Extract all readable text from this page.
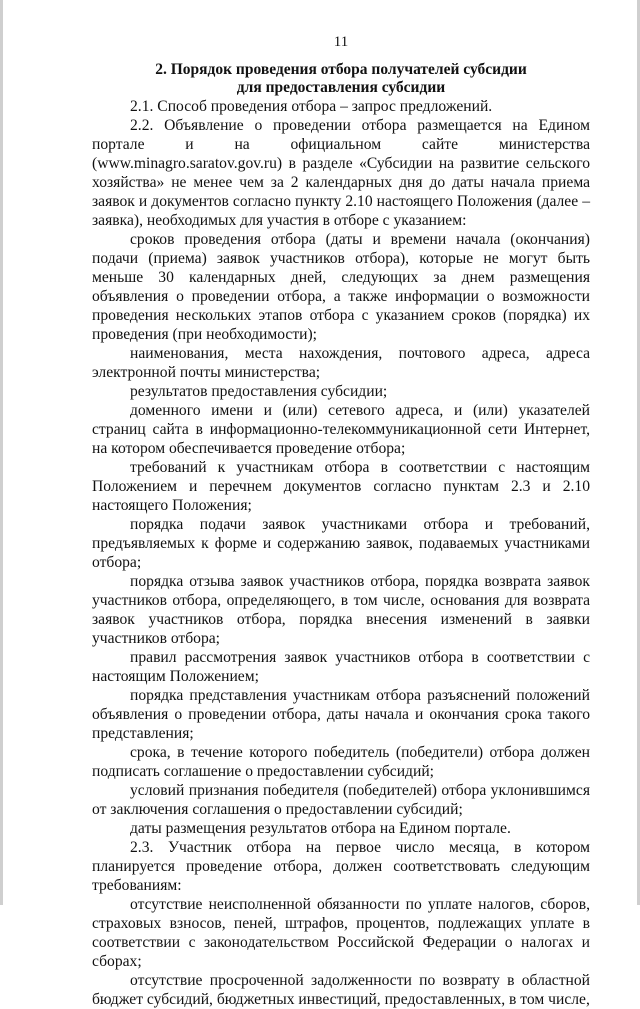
11

2. Порядок проведения отбора получателей субсидии

для предоставления субсидии

2.1. Способ проведения отбора – запрос предложений.

2.2. Объявление о проведении отбора размещается на Едином портале и на официальном сайте министерства (www.minagro.saratov.gov.ru) в разделе «Субсидии на развитие сельского хозяйства» не менее чем за 2 календарных дня до даты начала приема заявок и документов согласно пункту 2.10 настоящего Положения (далее – заявка), необходимых для участия в отборе с указанием:

сроков проведения отбора (даты и времени начала (окончания) подачи (приема) заявок участников отбора), которые не могут быть меньше 30 календарных дней, следующих за днем размещения объявления о проведении отбора, а также информации о возможности проведения нескольких этапов отбора с указанием сроков (порядка) их проведения (при необходимости);

наименования, места нахождения, почтового адреса, адреса электронной почты министерства;

результатов предоставления субсидии;

доменного имени и (или) сетевого адреса, и (или) указателей страниц сайта в информационно-телекоммуникационной сети Интернет, на котором обеспечивается проведение отбора;

требований к участникам отбора в соответствии с настоящим Положением и перечнем документов согласно пунктам 2.3 и 2.10 настоящего Положения;

порядка подачи заявок участниками отбора и требований, предъявляемых к форме и содержанию заявок, подаваемых участниками отбора;

порядка отзыва заявок участников отбора, порядка возврата заявок участников отбора, определяющего, в том числе, основания для возврата заявок участников отбора, порядка внесения изменений в заявки участников отбора;

правил рассмотрения заявок участников отбора в соответствии с настоящим Положением;

порядка представления участникам отбора разъяснений положений объявления о проведении отбора, даты начала и окончания срока такого представления;

срока, в течение которого победитель (победители) отбора должен подписать соглашение о предоставлении субсидий;

условий признания победителя (победителей) отбора уклонившимся от заключения соглашения о предоставлении субсидий;

даты размещения результатов отбора на Едином портале.

2.3. Участник отбора на первое число месяца, в котором планируется проведение отбора, должен соответствовать следующим требованиям:

отсутствие неисполненной обязанности по уплате налогов, сборов, страховых взносов, пеней, штрафов, процентов, подлежащих уплате в соответствии с законодательством Российской Федерации о налогах и сборах;

отсутствие просроченной задолженности по возврату в областной бюджет субсидий, бюджетных инвестиций, предоставленных, в том числе,
